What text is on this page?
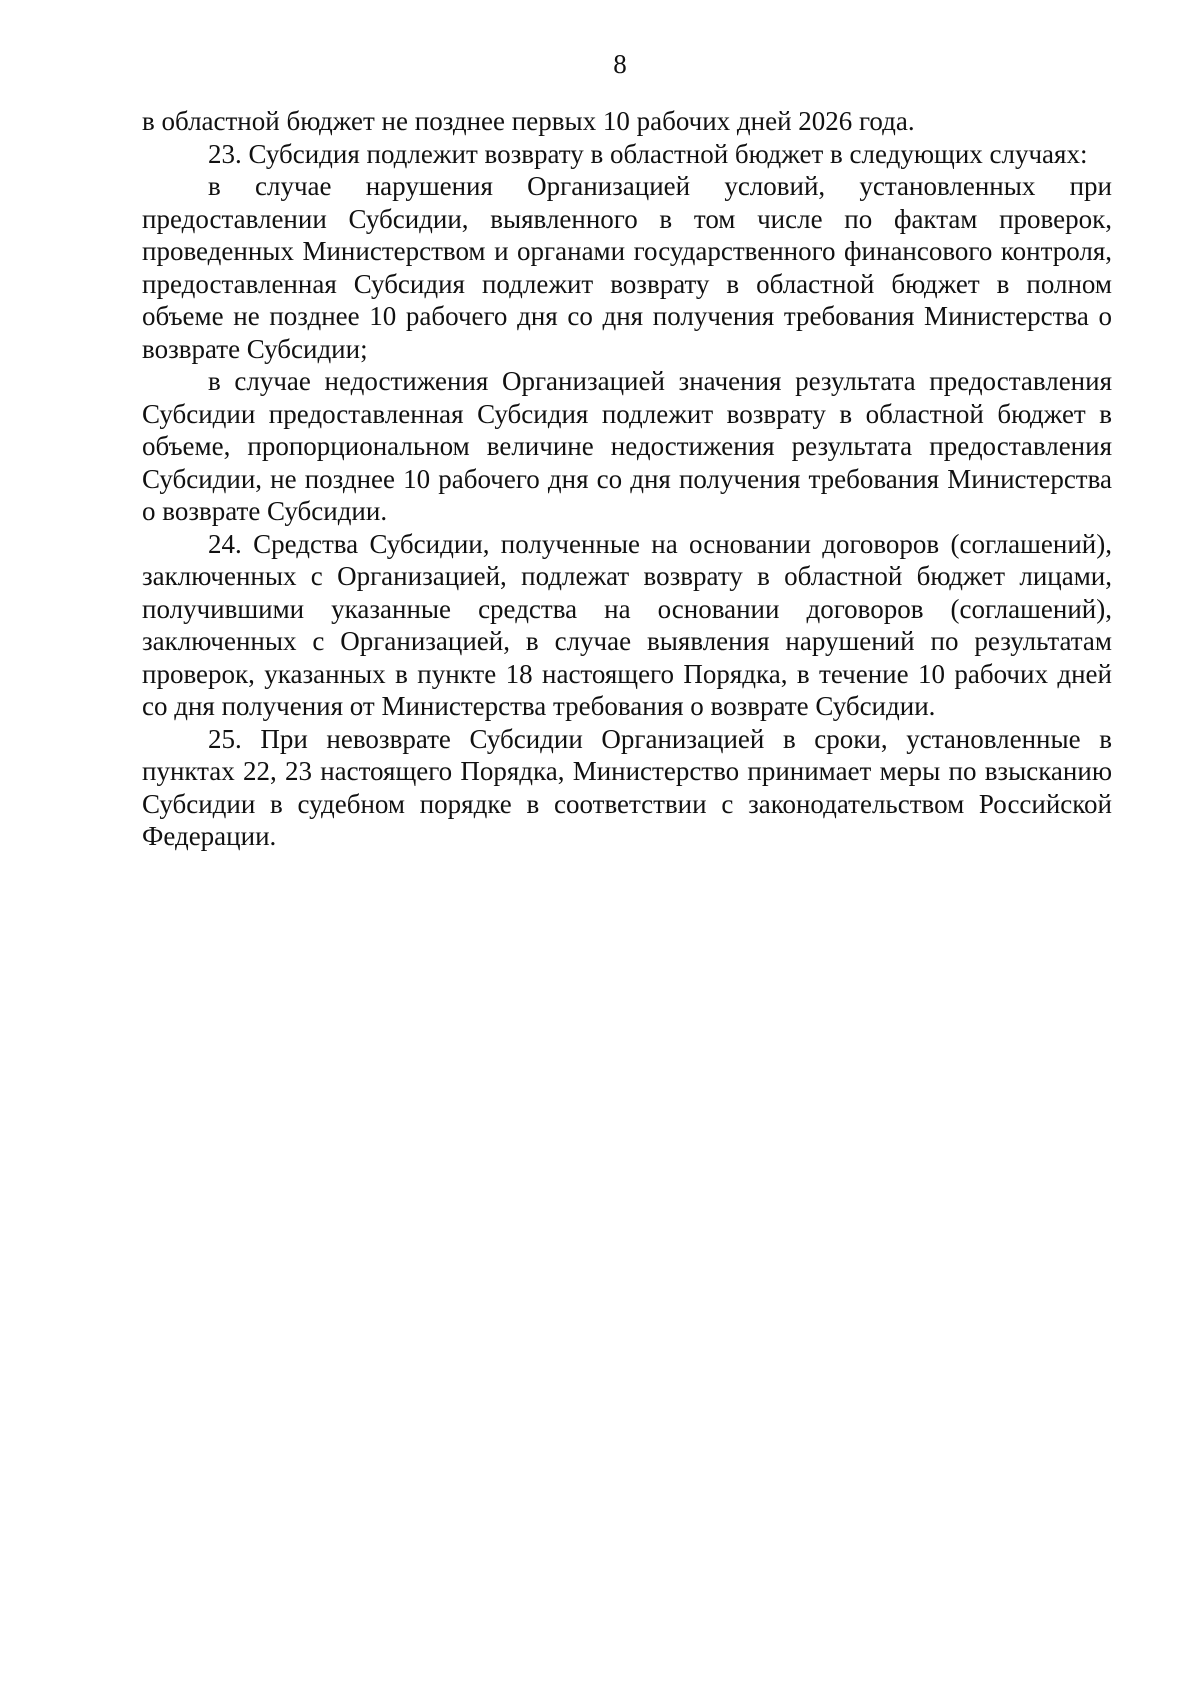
8

в областной бюджет не позднее первых 10 рабочих дней 2026 года.

23. Субсидия подлежит возврату в областной бюджет в следующих случаях:

в случае нарушения Организацией условий, установленных при предоставлении Субсидии, выявленного в том числе по фактам проверок, проведенных Министерством и органами государственного финансового контроля, предоставленная Субсидия подлежит возврату в областной бюджет в полном объеме не позднее 10 рабочего дня со дня получения требования Министерства о возврате Субсидии;

в случае недостижения Организацией значения результата предоставления Субсидии предоставленная Субсидия подлежит возврату в областной бюджет в объеме, пропорциональном величине недостижения результата предоставления Субсидии, не позднее 10 рабочего дня со дня получения требования Министерства о возврате Субсидии.

24. Средства Субсидии, полученные на основании договоров (соглашений), заключенных с Организацией, подлежат возврату в областной бюджет лицами, получившими указанные средства на основании договоров (соглашений), заключенных с Организацией, в случае выявления нарушений по результатам проверок, указанных в пункте 18 настоящего Порядка, в течение 10 рабочих дней со дня получения от Министерства требования о возврате Субсидии.

25. При невозврате Субсидии Организацией в сроки, установленные в пунктах 22, 23 настоящего Порядка, Министерство принимает меры по взысканию Субсидии в судебном порядке в соответствии с законодательством Российской Федерации.
